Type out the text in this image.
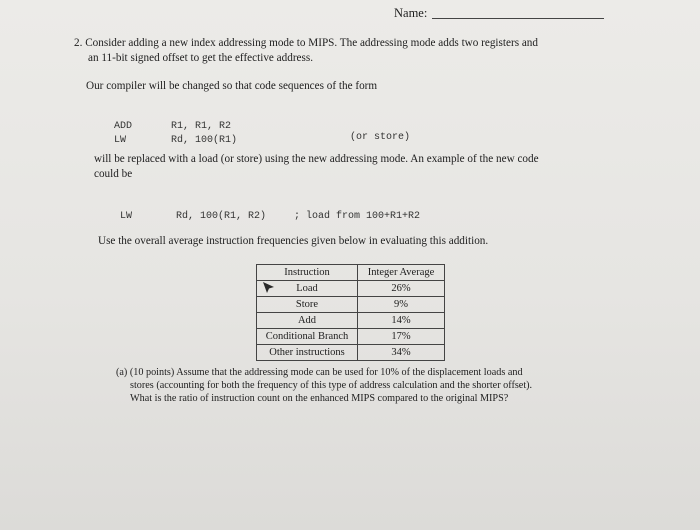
Name:
2. Consider adding a new index addressing mode to MIPS. The addressing mode adds two registers and
an 11-bit signed offset to get the effective address.
Our compiler will be changed so that code sequences of the form
ADD	R1, R1, R2
LW	Rd, 100(R1)	(or store)
will be replaced with a load (or store) using the new addressing mode. An example of the new code
could be
LW	Rd, 100(R1, R2)	; load from 100+R1+R2
Use the overall average instruction frequencies given below in evaluating this addition.
Instruction	Integer Average
Load	26%
Store	9%
Add	14%
Conditional Branch	17%
Other instructions	34%
(a) (10 points) Assume that the addressing mode can be used for 10% of the displacement loads and
stores (accounting for both the frequency of this type of address calculation and the shorter offset).
What is the ratio of instruction count on the enhanced MIPS compared to the original MIPS?
